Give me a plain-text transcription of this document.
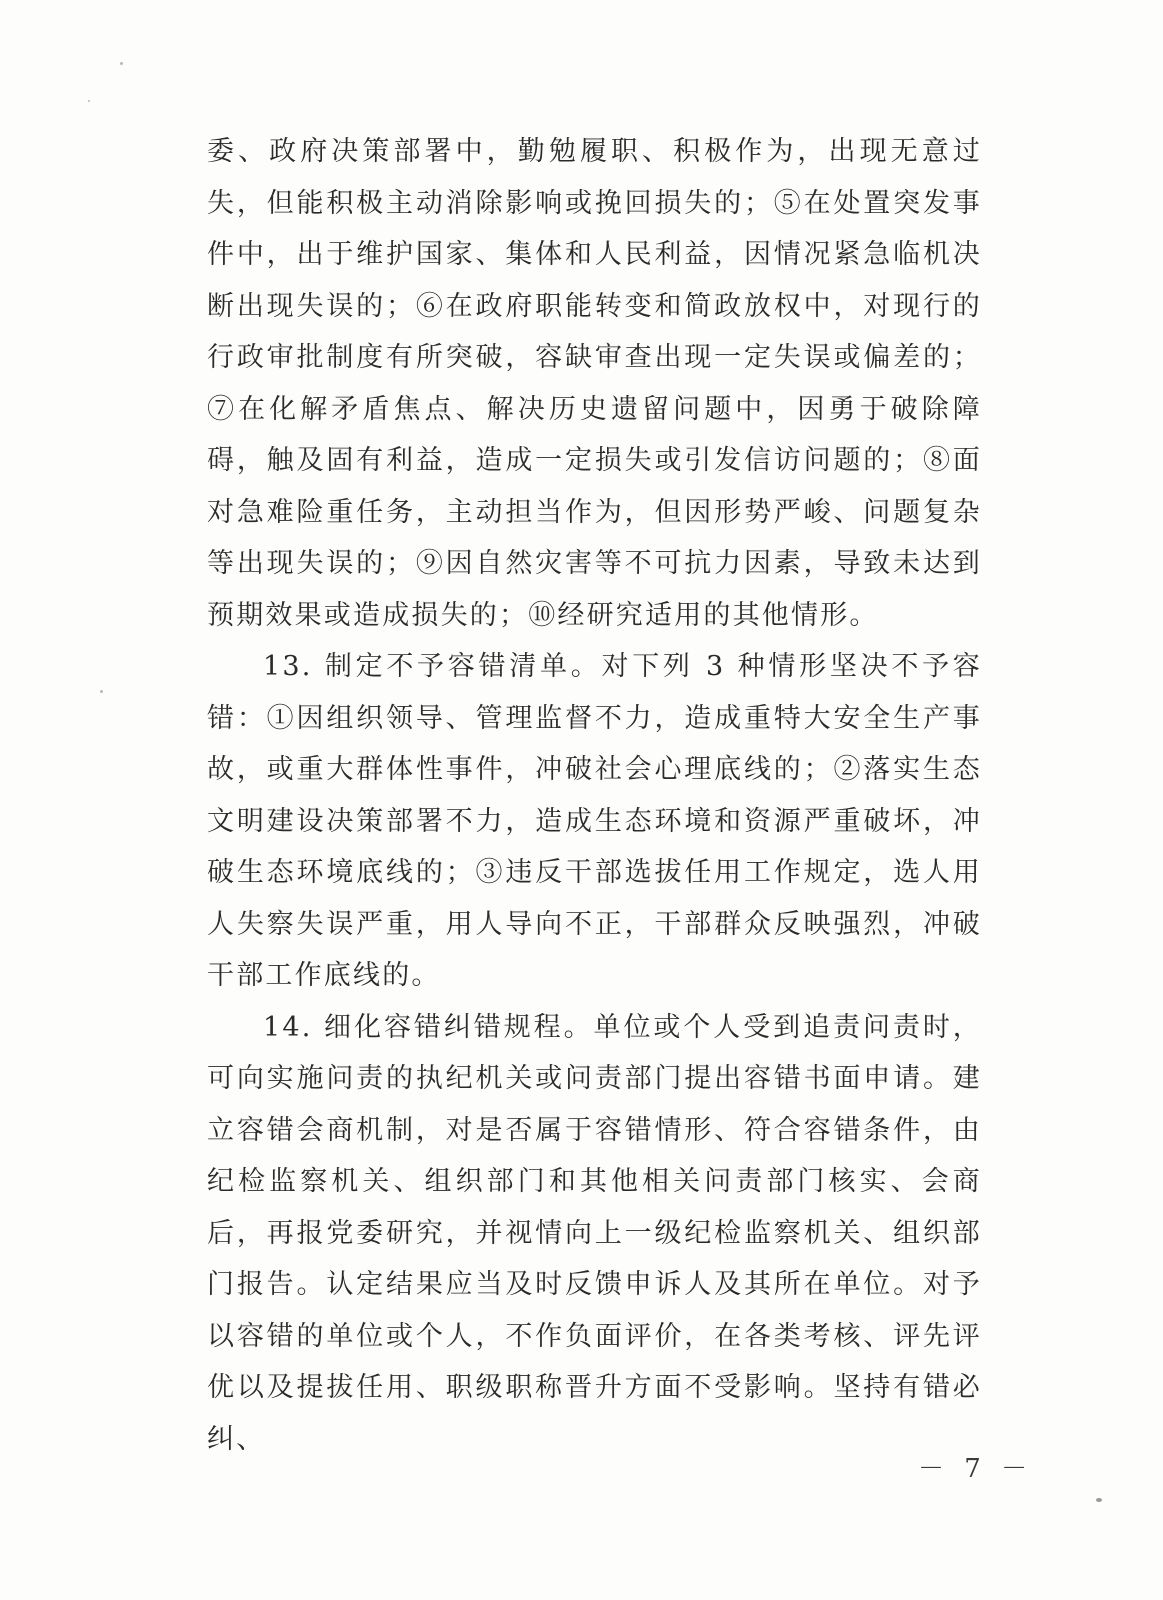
委、政府决策部署中，勤勉履职、积极作为，出现无意过失，但能积极主动消除影响或挽回损失的；⑤在处置突发事件中，出于维护国家、集体和人民利益，因情况紧急临机决断出现失误的；⑥在政府职能转变和简政放权中，对现行的行政审批制度有所突破，容缺审查出现一定失误或偏差的；⑦在化解矛盾焦点、解决历史遗留问题中，因勇于破除障碍，触及固有利益，造成一定损失或引发信访问题的；⑧面对急难险重任务，主动担当作为，但因形势严峻、问题复杂等出现失误的；⑨因自然灾害等不可抗力因素，导致未达到预期效果或造成损失的；⑩经研究适用的其他情形。

13. 制定不予容错清单。对下列 3 种情形坚决不予容错：①因组织领导、管理监督不力，造成重特大安全生产事故，或重大群体性事件，冲破社会心理底线的；②落实生态文明建设决策部署不力，造成生态环境和资源严重破坏，冲破生态环境底线的；③违反干部选拔任用工作规定，选人用人失察失误严重，用人导向不正，干部群众反映强烈，冲破干部工作底线的。

14. 细化容错纠错规程。单位或个人受到追责问责时，可向实施问责的执纪机关或问责部门提出容错书面申请。建立容错会商机制，对是否属于容错情形、符合容错条件，由纪检监察机关、组织部门和其他相关问责部门核实、会商后，再报党委研究，并视情向上一级纪检监察机关、组织部门报告。认定结果应当及时反馈申诉人及其所在单位。对予以容错的单位或个人，不作负面评价，在各类考核、评先评优以及提拔任用、职级职称晋升方面不受影响。坚持有错必纠、

－ 7 －
